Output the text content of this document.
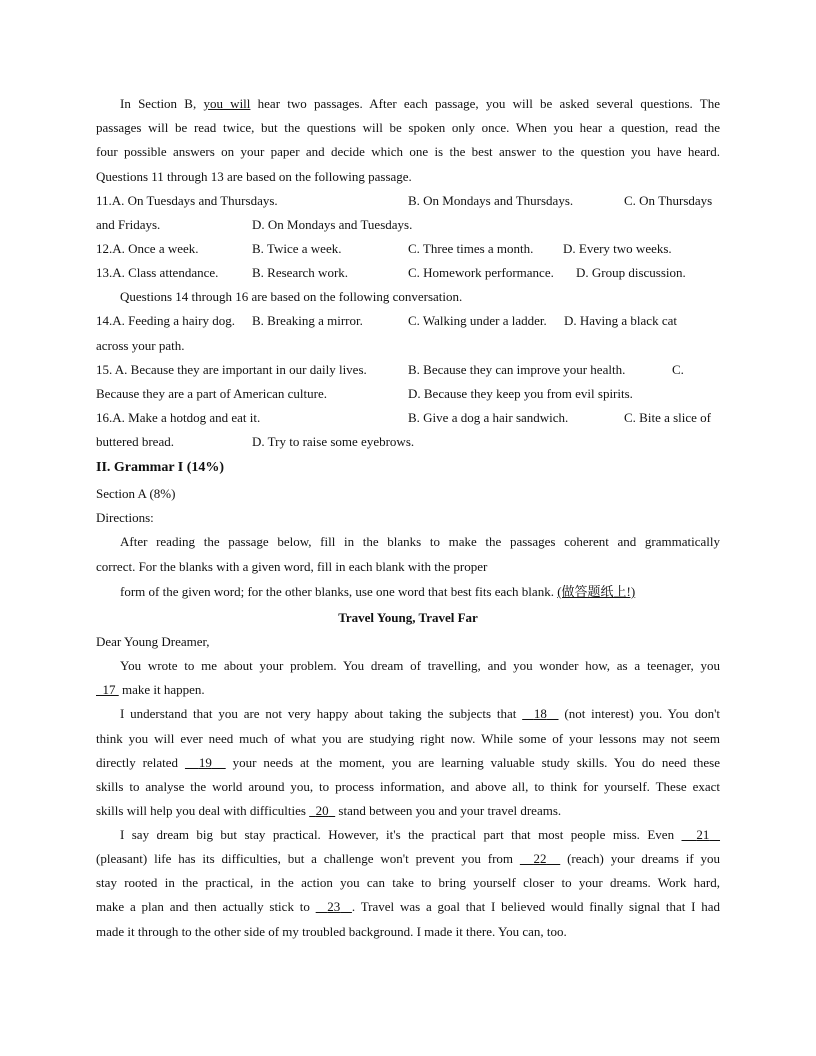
In Section B, you will hear two passages. After each passage, you will be asked several questions. The
passages will be read twice, but the questions will be spoken only once. When you hear a question, read the
four possible answers on your paper and decide which one is the best answer to the question you have heard.
Questions 11 through 13 are based on the following passage.
11.A. On Tuesdays and Thursdays.	B. On Mondays and Thursdays.	C. On Thursdays
and Fridays.	D. On Mondays and Tuesdays.
12.A. Once a week.	B. Twice a week.	C. Three times a month. D. Every two weeks.
13.A. Class attendance.	B. Research work.	C. Homework performance. D. Group discussion.
Questions 14 through 16 are based on the following conversation.
14.A. Feeding a hairy dog. B. Breaking a mirror.	C. Walking under a ladder. D. Having a black cat
across your path.
15. A. Because they are important in our daily lives.	B. Because they can improve your health.	C.
Because they are a part of American culture.	D. Because they keep you from evil spirits.
16.A. Make a hotdog and eat it.	B. Give a dog a hair sandwich.	C. Bite a slice of
buttered bread.	D. Try to raise some eyebrows.
II. Grammar I (14%)
Section A (8%)
Directions:
After reading the passage below, fill in the blanks to make the passages coherent and grammatically
correct. For the blanks with a given word, fill in each blank with the proper
form of the given word; for the other blanks, use one word that best fits each blank. (做答题纸上!)
Travel Young, Travel Far
Dear Young Dreamer,
You wrote to me about your problem. You dream of travelling, and you wonder how, as a teenager, you
17 make it happen.
I understand that you are not very happy about taking the subjects that 18 (not interest) you. You don't
think you will ever need much of what you are studying right now. While some of your lessons may not seem
directly related 19 your needs at the moment, you are learning valuable study skills. You do need these
skills to analyse the world around you, to process information, and above all, to think for yourself. These exact
skills will help you deal with difficulties 20 stand between you and your travel dreams.
I say dream big but stay practical. However, it's the practical part that most people miss. Even 21
(pleasant) life has its difficulties, but a challenge won't prevent you from 22 (reach) your dreams if you
stay rooted in the practical, in the action you can take to bring yourself closer to your dreams. Work hard,
make a plan and then actually stick to 23 . Travel was a goal that I believed would finally signal that I had
made it through to the other side of my troubled background. I made it there. You can, too.
